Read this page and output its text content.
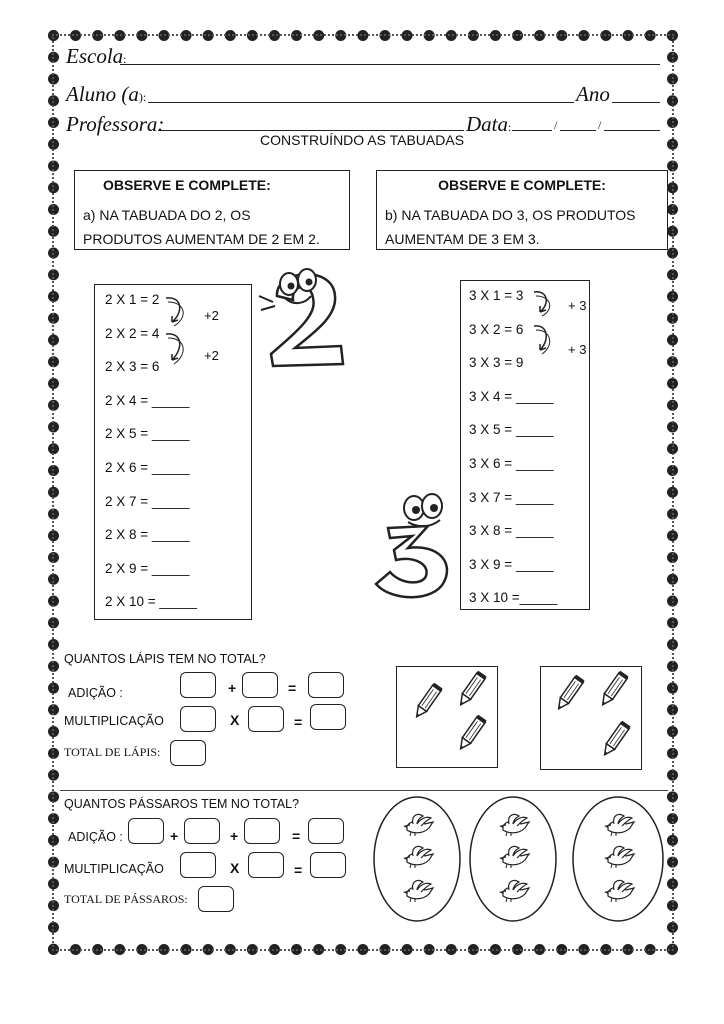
Escola:
Aluno (a):	Ano
Professora:	Data:	/	/
CONSTRUÍNDO AS TABUADAS
OBSERVE E COMPLETE:
a) NA TABUADA DO 2, OS
PRODUTOS AUMENTAM DE 2 EM 2.
OBSERVE E COMPLETE:
b) NA TABUADA DO 3, OS PRODUTOS
AUMENTAM DE 3 EM 3.
2 X 1 = 2
2 X 2 = 4
2 X 3 = 6
2 X 4 = _____
2 X 5 = _____
2 X 6 = _____
2 X 7 = _____
2 X 8 = _____
2 X 9 = _____
2 X 10 = _____
+2
+2
3 X 1 = 3
3 X 2 = 6
3 X 3 = 9
3 X 4 = _____
3 X 5 = _____
3 X 6 = _____
3 X 7 = _____
3 X 8 = _____
3 X 9 = _____
3 X 10 =_____
+ 3
+ 3
QUANTOS LÁPIS TEM NO TOTAL?
ADIÇÃO :	+	=
MULTIPLICAÇÃO	X	=
TOTAL DE LÁPIS:
QUANTOS PÁSSAROS TEM NO TOTAL?
ADIÇÃO :	+	+	=
MULTIPLICAÇÃO	X	=
TOTAL DE PÁSSAROS:
